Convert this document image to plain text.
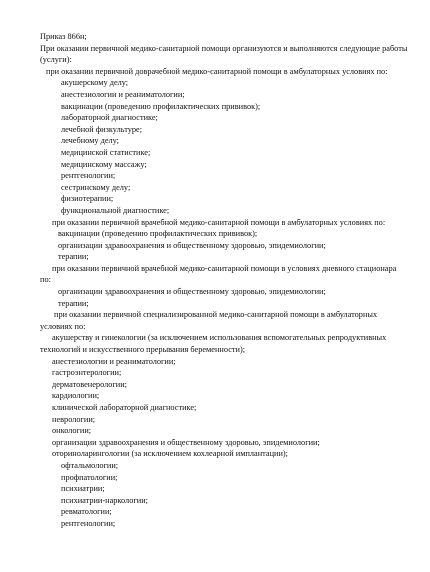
Приказ 866н;
При оказании первичной медико-санитарной помощи организуются и выполняются следующие работы (услуги):
при оказании первичной доврачебной медико-санитарной помощи в амбулаторных условиях по:
акушерскому делу;
анестезиологии и реаниматологии;
вакцинации (проведению профилактических прививок);
лабораторной диагностике;
лечебной физкультуре;
лечебному делу;
медицинской статистике;
медицинскому массажу;
рентгенологии;
сестринскому делу;
физиотерапии;
функциональной диагностике;
при оказании первичной врачебной медико-санитарной помощи в амбулаторных условиях по:
вакцинации (проведению профилактических прививок);
организации здравоохранения и общественному здоровью, эпидемиологии;
терапии;
при оказании первичной врачебной медико-санитарной помощи в условиях дневного стационара по:
организации здравоохранения и общественному здоровью, эпидемиологии;
терапии;
при оказании первичной специализированной медико-санитарной помощи в амбулаторных условиях по:
акушерству и гинекологии (за исключением использования вспомогательных репродуктивных технологий и искусственного прерывания беременности);
анестезиологии и реаниматологии;
гастроэнтерологии;
дерматовенерологии;
кардиологии;
клинической лабораторной диагностике;
неврологии;
онкологии;
организации здравоохранения и общественному здоровью, эпидемиологии;
оториноларингологии (за исключением кохлеарной имплантации);
офтальмологии;
профпатологии;
психиатрии;
психиатрии-наркологии;
ревматологии;
рентгенологии;
